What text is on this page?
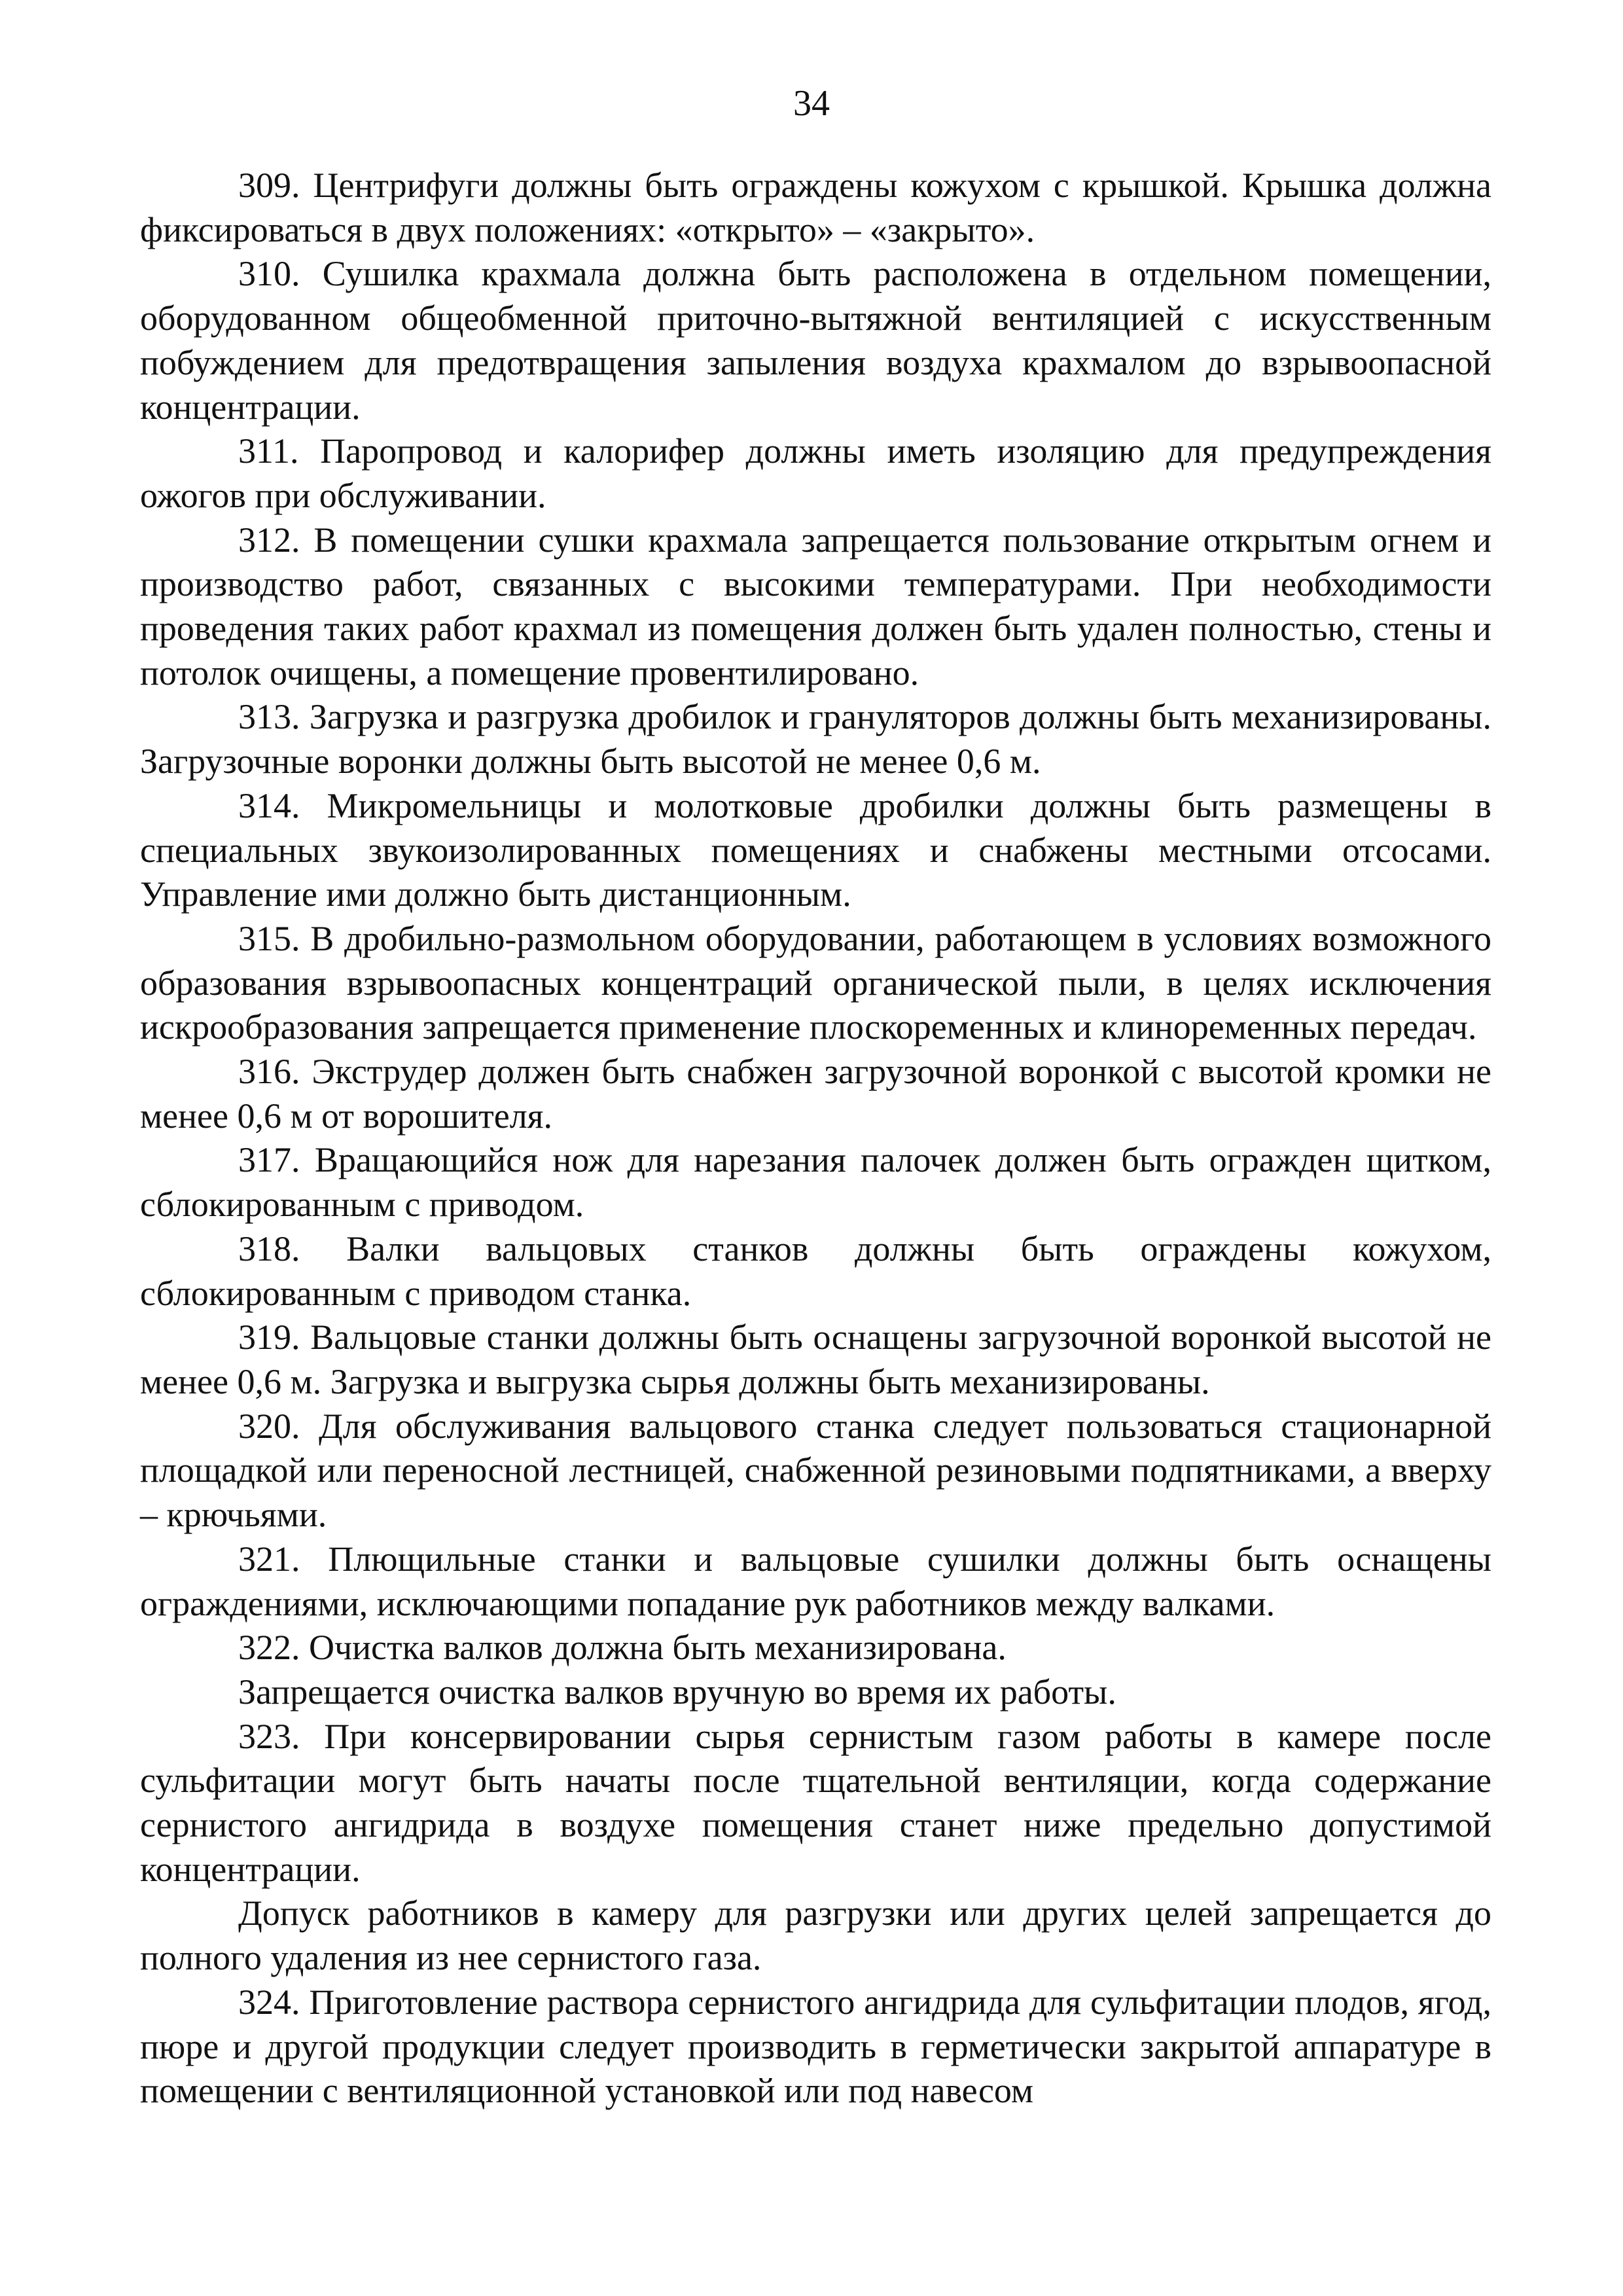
34

309. Центрифуги должны быть ограждены кожухом с крышкой. Крышка должна фиксироваться в двух положениях: «открыто» – «закрыто».

310. Сушилка крахмала должна быть расположена в отдельном помещении, оборудованном общеобменной приточно-вытяжной вентиляцией с искусственным побуждением для предотвращения запыления воздуха крахмалом до взрывоопасной концентрации.

311. Паропровод и калорифер должны иметь изоляцию для предупреждения ожогов при обслуживании.

312. В помещении сушки крахмала запрещается пользование открытым огнем и производство работ, связанных с высокими температурами. При необходимости проведения таких работ крахмал из помещения должен быть удален полностью, стены и потолок очищены, а помещение провентилировано.

313. Загрузка и разгрузка дробилок и грануляторов должны быть механизированы. Загрузочные воронки должны быть высотой не менее 0,6 м.

314. Микромельницы и молотковые дробилки должны быть размещены в специальных звукоизолированных помещениях и снабжены местными отсосами. Управление ими должно быть дистанционным.

315. В дробильно-размольном оборудовании, работающем в условиях возможного образования взрывоопасных концентраций органической пыли, в целях исключения искрообразования запрещается применение плоскоременных и клиноременных передач.

316. Экструдер должен быть снабжен загрузочной воронкой с высотой кромки не менее 0,6 м от ворошителя.

317. Вращающийся нож для нарезания палочек должен быть огражден щитком, сблокированным с приводом.

318. Валки вальцовых станков должны быть ограждены кожухом, сблокированным с приводом станка.

319. Вальцовые станки должны быть оснащены загрузочной воронкой высотой не менее 0,6 м. Загрузка и выгрузка сырья должны быть механизированы.

320. Для обслуживания вальцового станка следует пользоваться стационарной площадкой или переносной лестницей, снабженной резиновыми подпятниками, а вверху – крючьями.

321. Плющильные станки и вальцовые сушилки должны быть оснащены ограждениями, исключающими попадание рук работников между валками.

322. Очистка валков должна быть механизирована.

Запрещается очистка валков вручную во время их работы.

323. При консервировании сырья сернистым газом работы в камере после сульфитации могут быть начаты после тщательной вентиляции, когда содержание сернистого ангидрида в воздухе помещения станет ниже предельно допустимой концентрации.

Допуск работников в камеру для разгрузки или других целей запрещается до полного удаления из нее сернистого газа.

324. Приготовление раствора сернистого ангидрида для сульфитации плодов, ягод, пюре и другой продукции следует производить в герметически закрытой аппаратуре в помещении с вентиляционной установкой или под навесом
